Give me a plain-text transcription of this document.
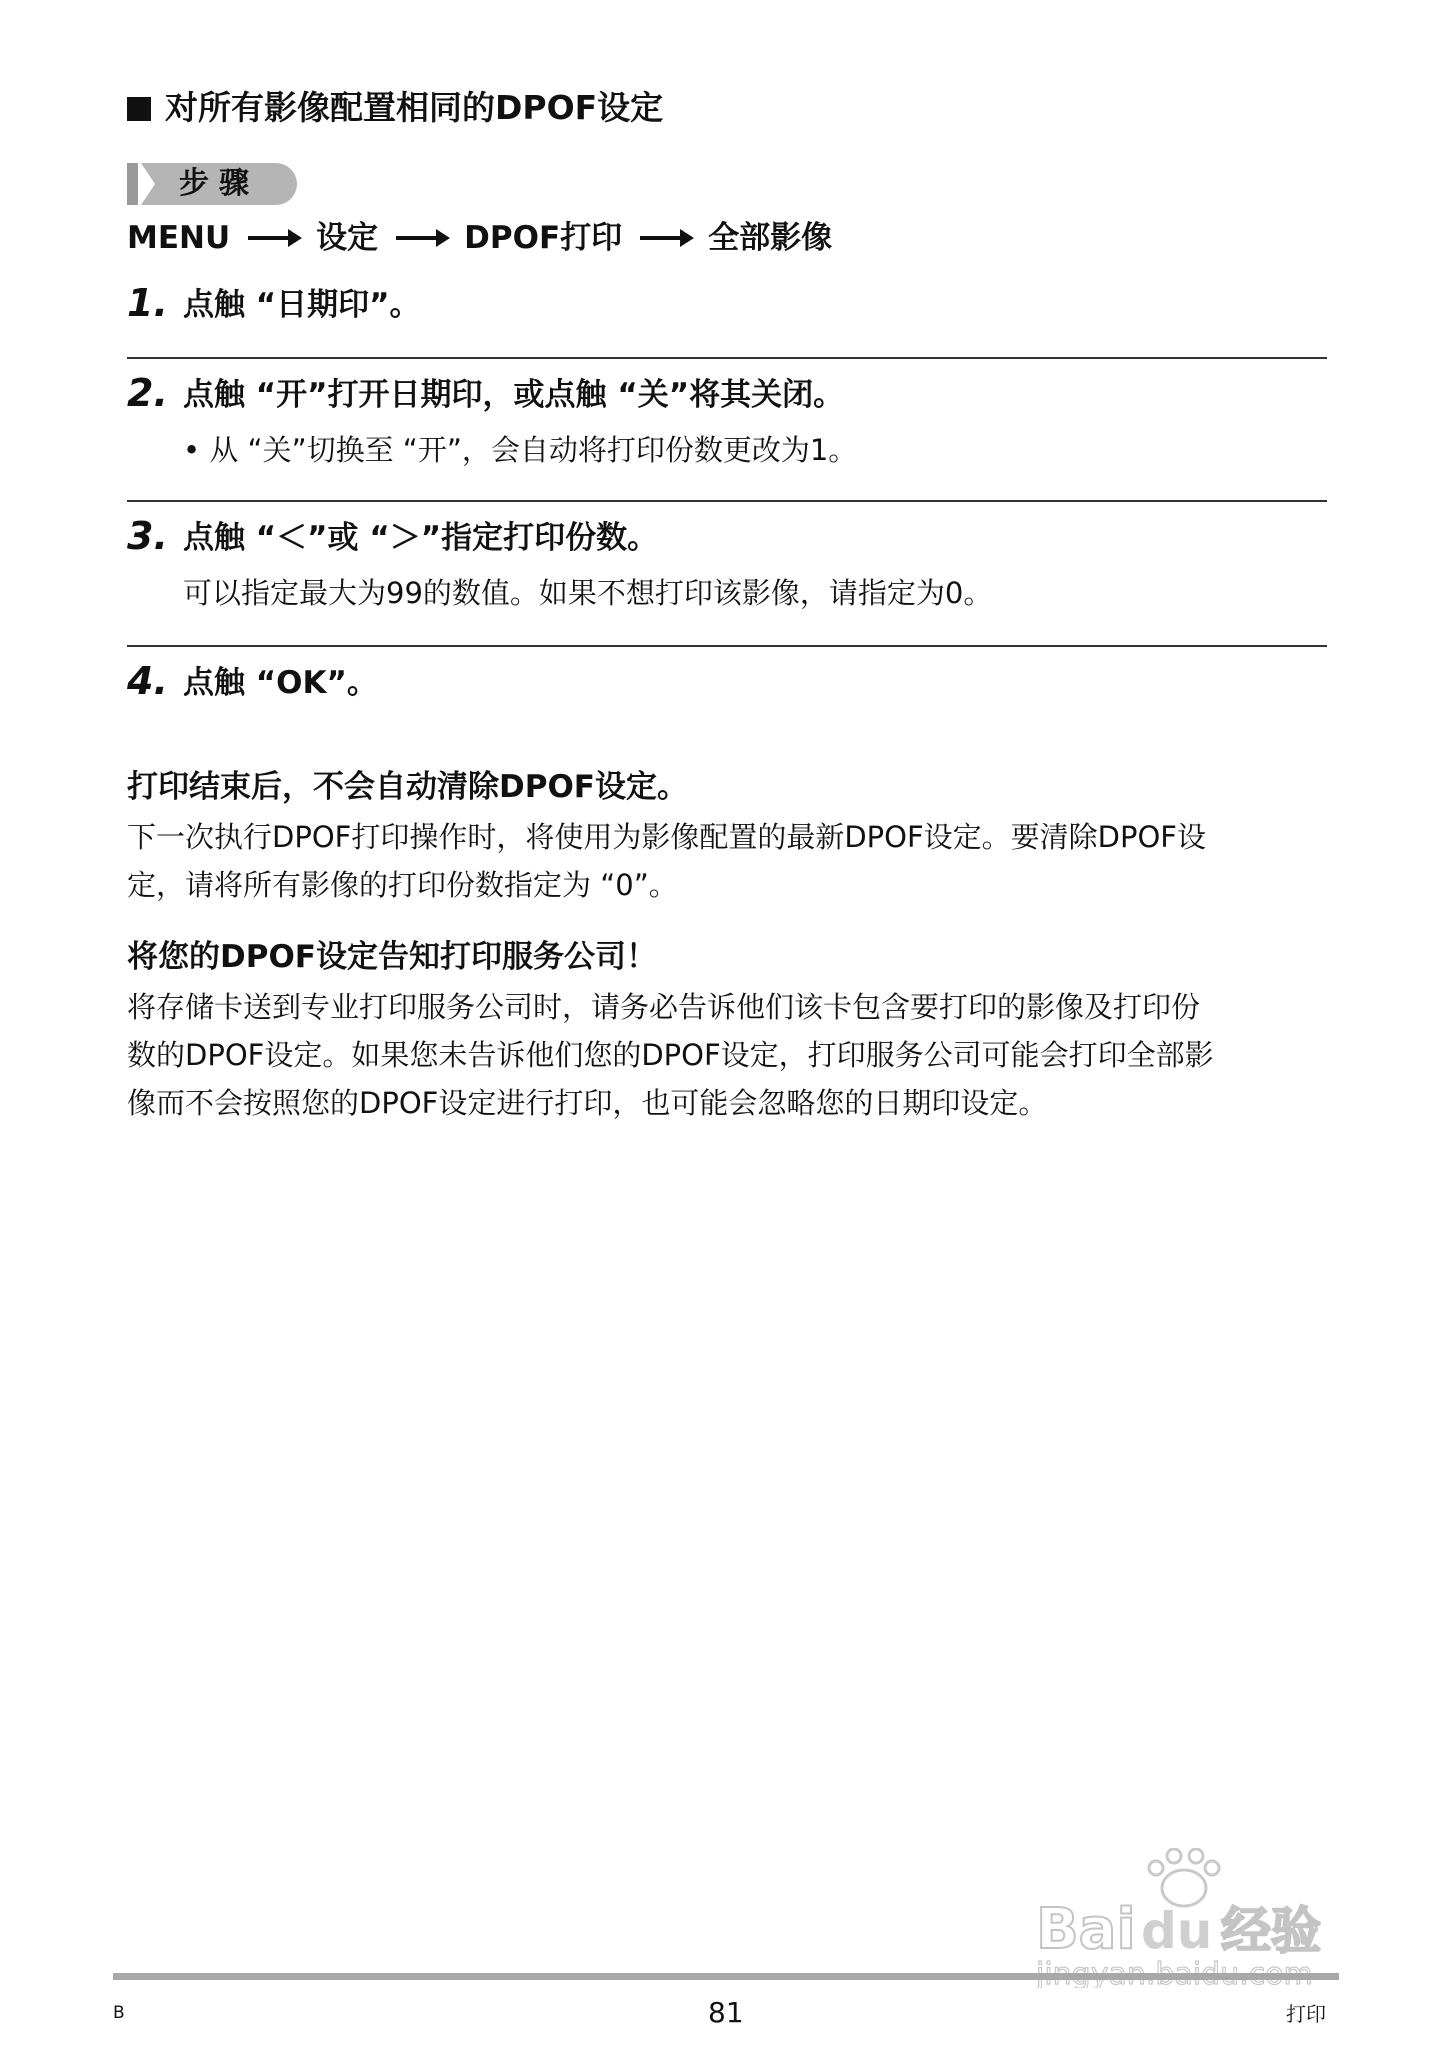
对所有影像配置相同的DPOF设定
步骤
MENU	设定	DPOF打印	全部影像
1. 点触 “日期印”。
2. 点触 “开”打开日期印，或点触 “关”将其关闭。
• 从 “关”切换至 “开”，会自动将打印份数更改为1。
3. 点触 “＜”或 “＞”指定打印份数。
可以指定最大为99的数值。如果不想打印该影像，请指定为0。
4. 点触 “OK”。
打印结束后，不会自动清除DPOF设定。
下一次执行DPOF打印操作时，将使用为影像配置的最新DPOF设定。要清除DPOF设
定，请将所有影像的打印份数指定为 “0”。
将您的DPOF设定告知打印服务公司！
将存储卡送到专业打印服务公司时，请务必告诉他们该卡包含要打印的影像及打印份
数的DPOF设定。如果您未告诉他们您的DPOF设定，打印服务公司可能会打印全部影
像而不会按照您的DPOF设定进行打印，也可能会忽略您的日期印设定。
Bai du 经验
B	81	打印
